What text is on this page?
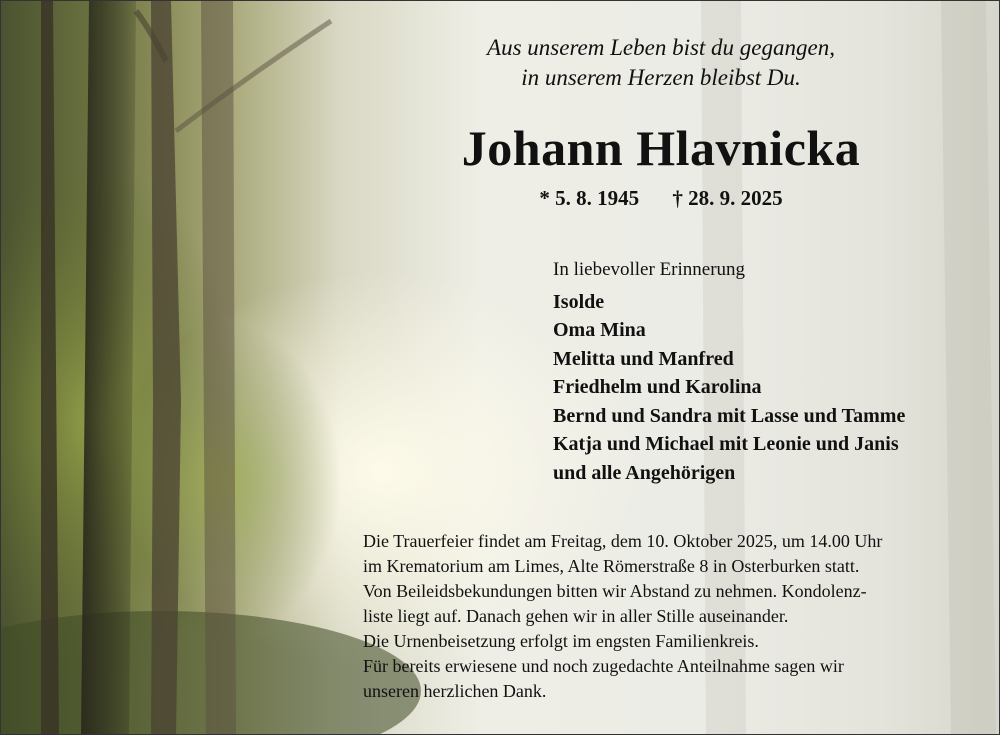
Aus unserem Leben bist du gegangen,
in unserem Herzen bleibst Du.
Johann Hlavnicka
* 5. 8. 1945 † 28. 9. 2025
In liebevoller Erinnerung
Isolde
Oma Mina
Melitta und Manfred
Friedhelm und Karolina
Bernd und Sandra mit Lasse und Tamme
Katja und Michael mit Leonie und Janis
und alle Angehörigen
Die Trauerfeier findet am Freitag, dem 10. Oktober 2025, um 14.00 Uhr
im Krematorium am Limes, Alte Römerstraße 8 in Osterburken statt.
Von Beileidsbekundungen bitten wir Abstand zu nehmen. Kondolenz-
liste liegt auf. Danach gehen wir in aller Stille auseinander.
Die Urnenbeisetzung erfolgt im engsten Familienkreis.
Für bereits erwiesene und noch zugedachte Anteilnahme sagen wir
unseren herzlichen Dank.
